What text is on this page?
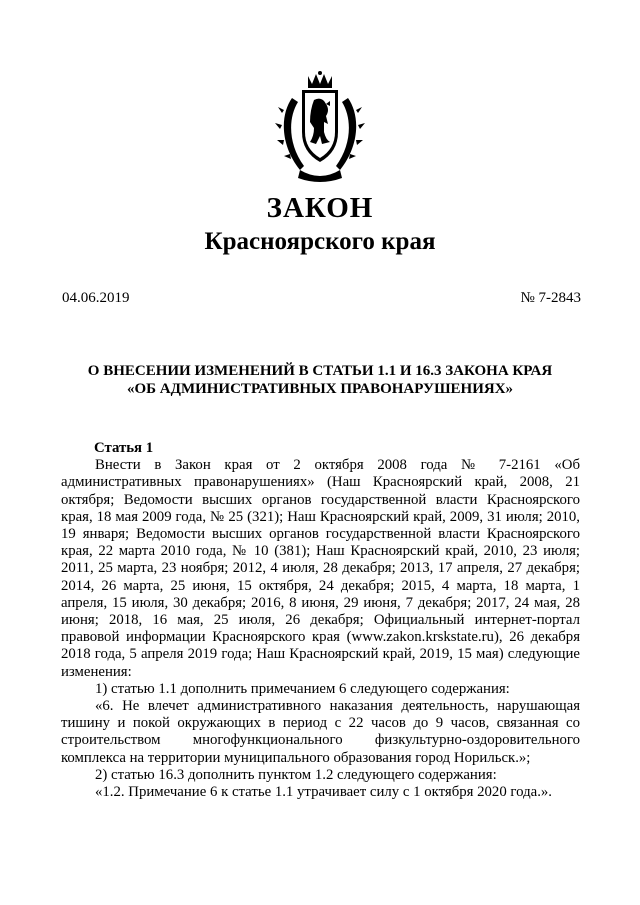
ЗАКОН
Красноярского края
04.06.2019	№ 7-2843
О ВНЕСЕНИИ ИЗМЕНЕНИЙ В СТАТЬИ 1.1 И 16.3 ЗАКОНА КРАЯ
«ОБ АДМИНИСТРАТИВНЫХ ПРАВОНАРУШЕНИЯХ»

Статья 1

Внести в Закон края от 2 октября 2008 года № 7-2161 «Об административных правонарушениях» (Наш Красноярский край, 2008, 21 октября; Ведомости высших органов государственной власти Красноярского края, 18 мая 2009 года, № 25 (321); Наш Красноярский край, 2009, 31 июля; 2010, 19 января; Ведомости высших органов государственной власти Красноярского края, 22 марта 2010 года, № 10 (381); Наш Красноярский край, 2010, 23 июля; 2011, 25 марта, 23 ноября; 2012, 4 июля, 28 декабря; 2013, 17 апреля, 27 декабря; 2014, 26 марта, 25 июня, 15 октября, 24 декабря; 2015, 4 марта, 18 марта, 1 апреля, 15 июля, 30 декабря; 2016, 8 июня, 29 июня, 7 декабря; 2017, 24 мая, 28 июня; 2018, 16 мая, 25 июля, 26 декабря; Официальный интернет-портал правовой информации Красноярского края (www.zakon.krskstate.ru), 26 декабря 2018 года, 5 апреля 2019 года; Наш Красноярский край, 2019, 15 мая) следующие изменения:

1) статью 1.1 дополнить примечанием 6 следующего содержания:

«6. Не влечет административного наказания деятельность, нарушающая тишину и покой окружающих в период с 22 часов до 9 часов, связанная со строительством многофункционального физкультурно-оздоровительного комплекса на территории муниципального образования город Норильск.»;

2) статью 16.3 дополнить пунктом 1.2 следующего содержания:

«1.2. Примечание 6 к статье 1.1 утрачивает силу с 1 октября 2020 года.».
